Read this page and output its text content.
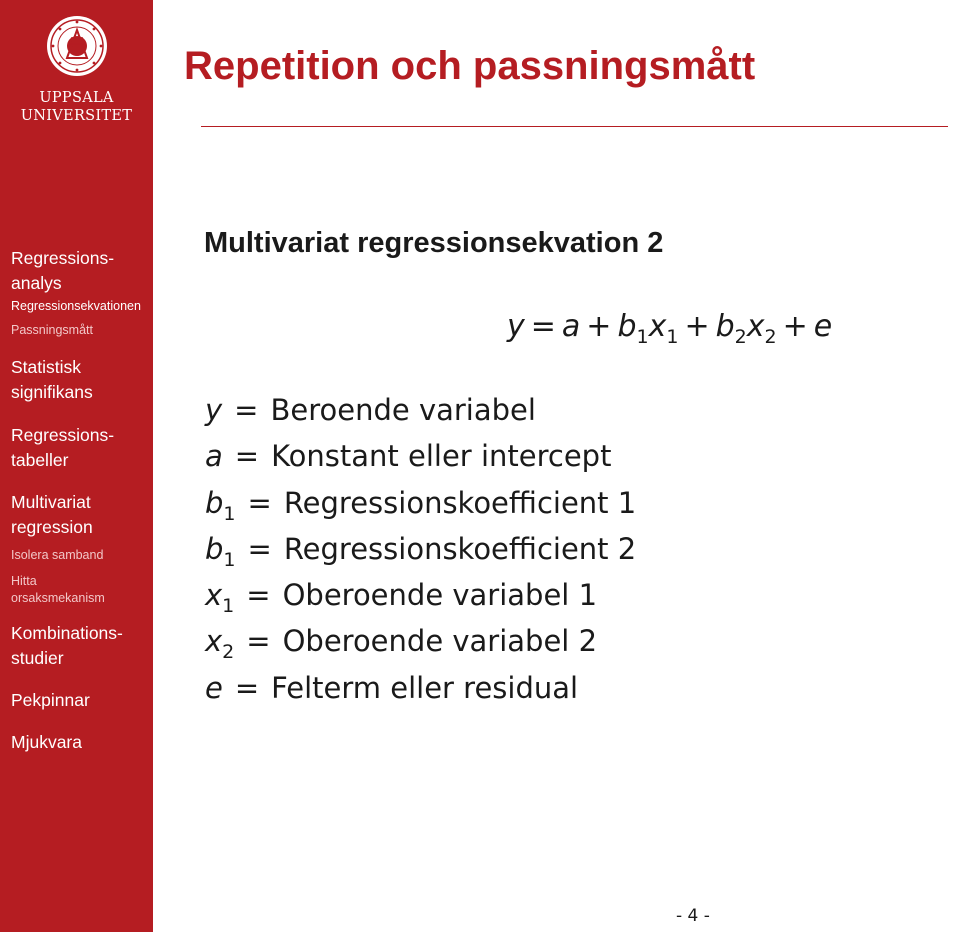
UPPSALA
UNIVERSITET
Regressions-
analys
Regressionsekvationen
Passningsmått
Statistisk
signifikans
Regressions-
tabeller
Multivariat
regression
Isolera samband
Hitta
orsaksmekanism
Kombinations-
studier
Pekpinnar
Mjukvara
Repetition och passningsmått
Multivariat regressionsekvation 2
$y = a + b_1x_1 + b_2x_2 + e$
y = Beroende variabel
a = Konstant eller intercept
$b_1$ = Regressionskoefficient 1
$b_1$ = Regressionskoefficient 2
$x_1$ = Oberoende variabel 1
$x_2$ = Oberoende variabel 2
e = Felterm eller residual
- 4 -
